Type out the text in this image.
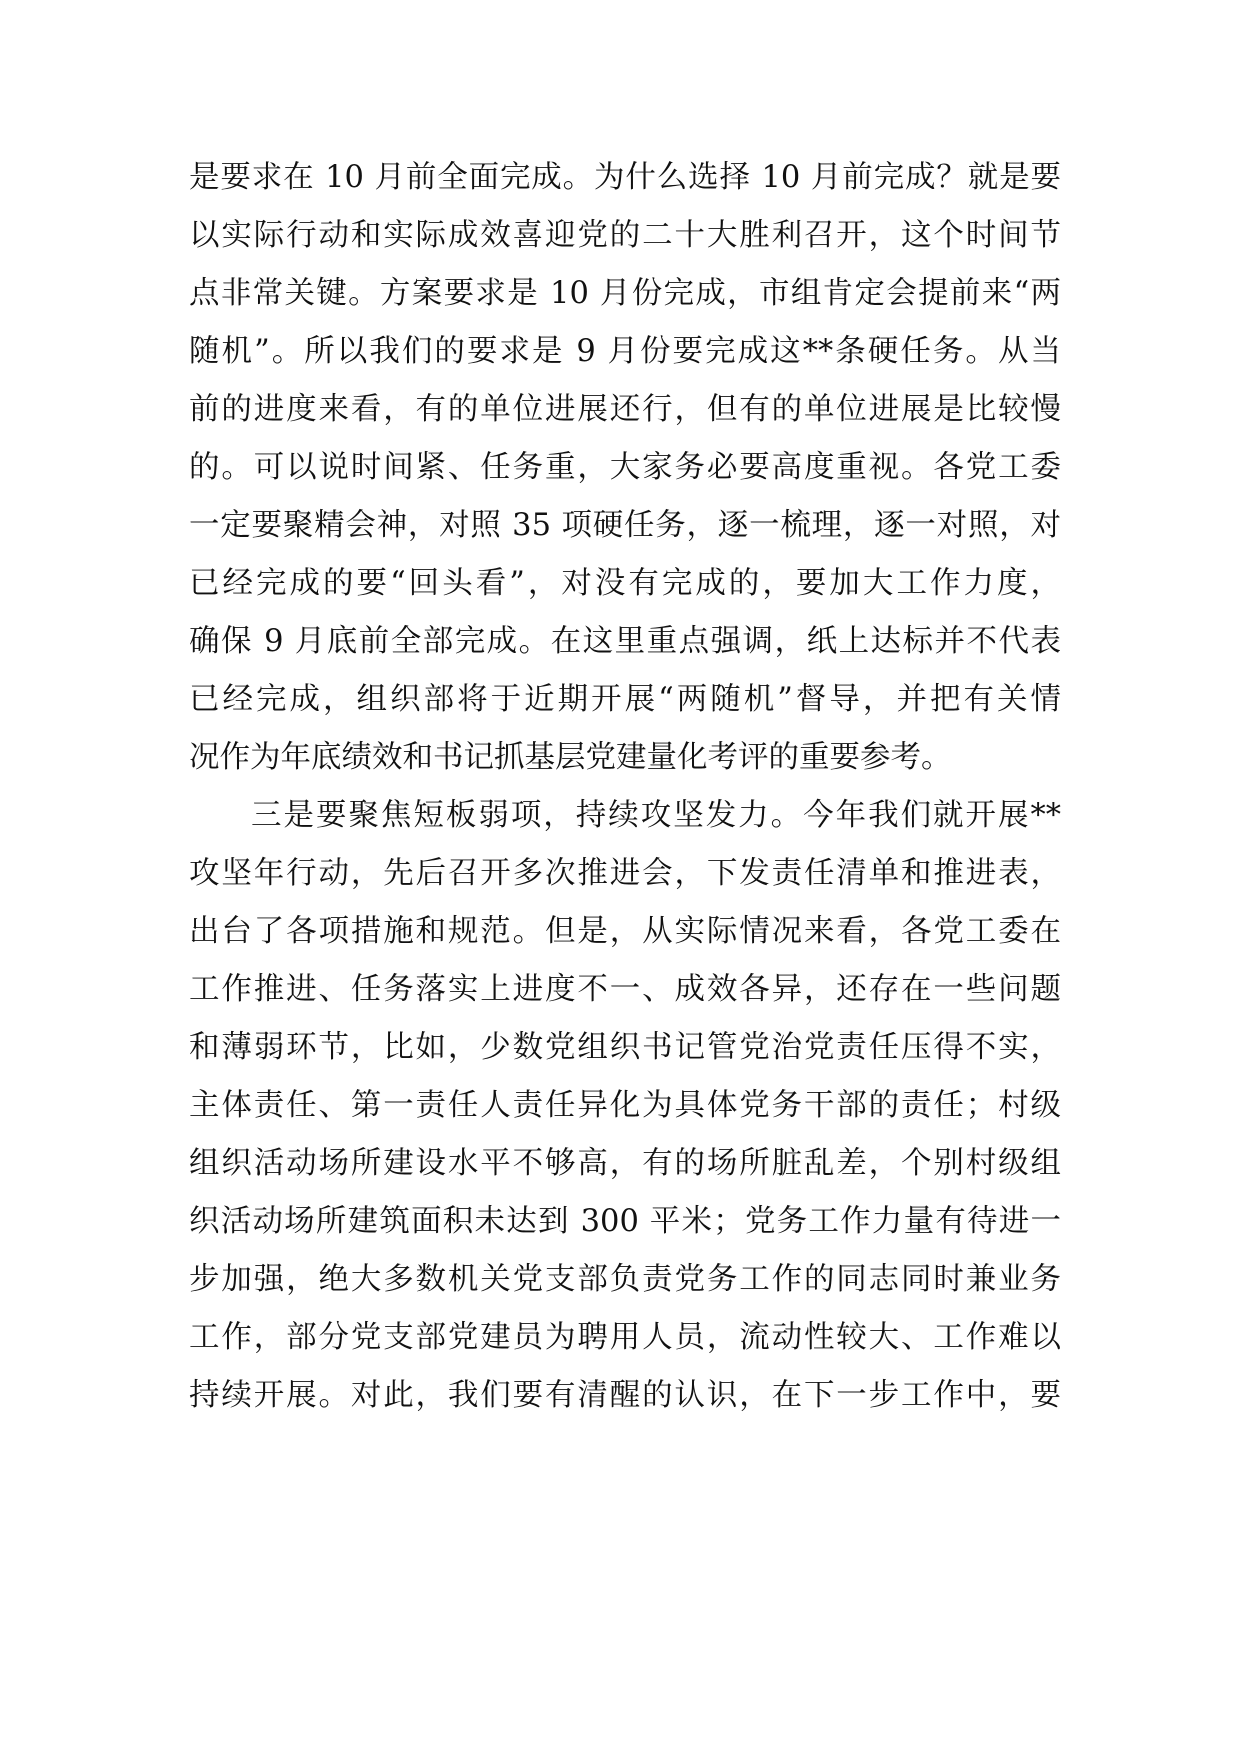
是要求在 10 月前全面完成。为什么选择 10 月前完成？就是要
以实际行动和实际成效喜迎党的二十大胜利召开，这个时间节
点非常关键。方案要求是 10 月份完成，市组肯定会提前来“两
随机”。所以我们的要求是 9 月份要完成这**条硬任务。从当
前的进度来看，有的单位进展还行，但有的单位进展是比较慢
的。可以说时间紧、任务重，大家务必要高度重视。各党工委
一定要聚精会神，对照 35 项硬任务，逐一梳理，逐一对照，对
已经完成的要“回头看”，对没有完成的，要加大工作力度，
确保 9 月底前全部完成。在这里重点强调，纸上达标并不代表
已经完成，组织部将于近期开展“两随机”督导，并把有关情
况作为年底绩效和书记抓基层党建量化考评的重要参考。
三是要聚焦短板弱项，持续攻坚发力。今年我们就开展**
攻坚年行动，先后召开多次推进会，下发责任清单和推进表，
出台了各项措施和规范。但是，从实际情况来看，各党工委在
工作推进、任务落实上进度不一、成效各异，还存在一些问题
和薄弱环节，比如，少数党组织书记管党治党责任压得不实，
主体责任、第一责任人责任异化为具体党务干部的责任；村级
组织活动场所建设水平不够高，有的场所脏乱差，个别村级组
织活动场所建筑面积未达到 300 平米；党务工作力量有待进一
步加强，绝大多数机关党支部负责党务工作的同志同时兼业务
工作，部分党支部党建员为聘用人员，流动性较大、工作难以
持续开展。对此，我们要有清醒的认识，在下一步工作中，要
